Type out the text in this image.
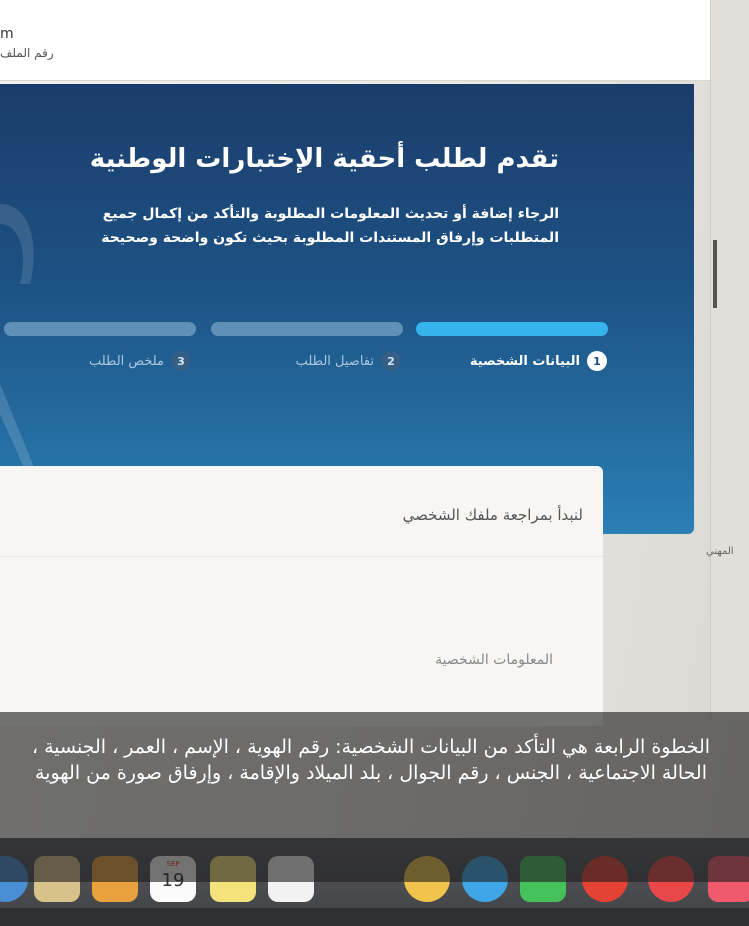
m
رقم الملف
تقدم لطلب أحقية الإختبارات الوطنية
الرجاء إضافة أو تحديث المعلومات المطلوبة والتأكد من إكمال جميع المتطلبات وإرفاق المستندات المطلوبة بحيث تكون واضحة وصحيحة
1
البيانات الشخصية
2
تفاصيل الطلب
3
ملخص الطلب
لنبدأ بمراجعة ملفك الشخصي
المعلومات الشخصية
المهني
الخطوة الرابعة هي التأكد من البيانات الشخصية: رقم الهوية ، الإسم ، العمر ، الجنسية ، الحالة الاجتماعية ، الجنس ، رقم الجوال ، بلد الميلاد والإقامة ، وإرفاق صورة من الهوية
